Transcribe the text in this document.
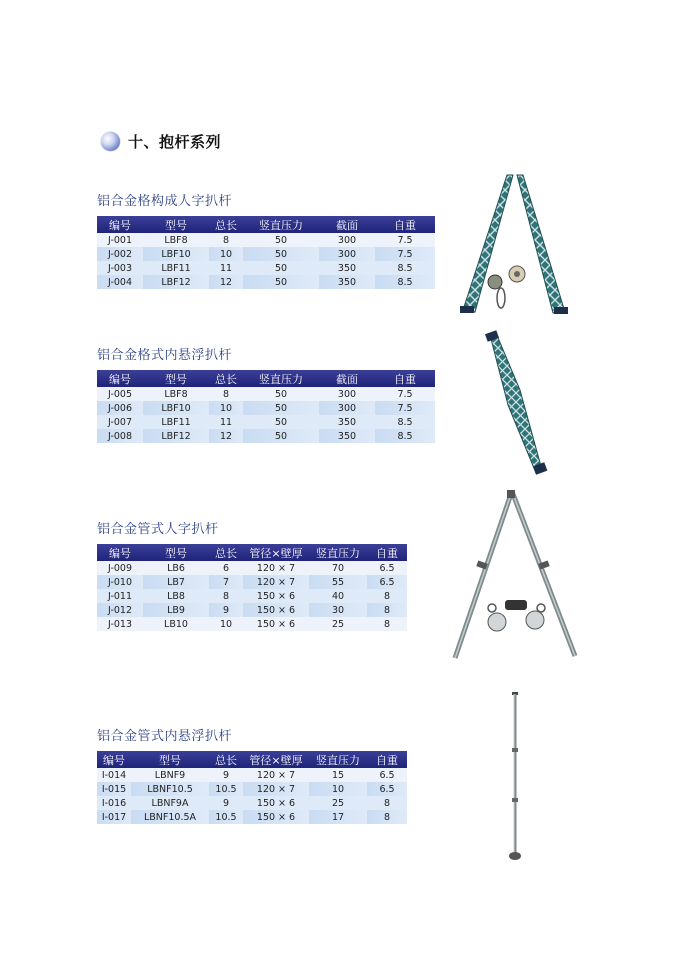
十、抱杆系列
铝合金格构成人字扒杆
编号	型号	总长	竖直压力	截面	自重
J-001	LBF8	8	50	300	7.5
J-002	LBF10	10	50	300	7.5
J-003	LBF11	11	50	350	8.5
J-004	LBF12	12	50	350	8.5
铝合金格式内悬浮扒杆
编号	型号	总长	竖直压力	截面	自重
J-005	LBF8	8	50	300	7.5
J-006	LBF10	10	50	300	7.5
J-007	LBF11	11	50	350	8.5
J-008	LBF12	12	50	350	8.5
铝合金管式人字扒杆
编号	型号	总长	管径×壁厚	竖直压力	自重
J-009	LB6	6	120 × 7	70	6.5
J-010	LB7	7	120 × 7	55	6.5
J-011	LB8	8	150 × 6	40	8
J-012	LB9	9	150 × 6	30	8
J-013	LB10	10	150 × 6	25	8
铝合金管式内悬浮扒杆
编号	型号	总长	管径×壁厚	竖直压力	自重
I-014	LBNF9	9	120 × 7	15	6.5
I-015	LBNF10.5	10.5	120 × 7	10	6.5
I-016	LBNF9A	9	150 × 6	25	8
I-017	LBNF10.5A	10.5	150 × 6	17	8
